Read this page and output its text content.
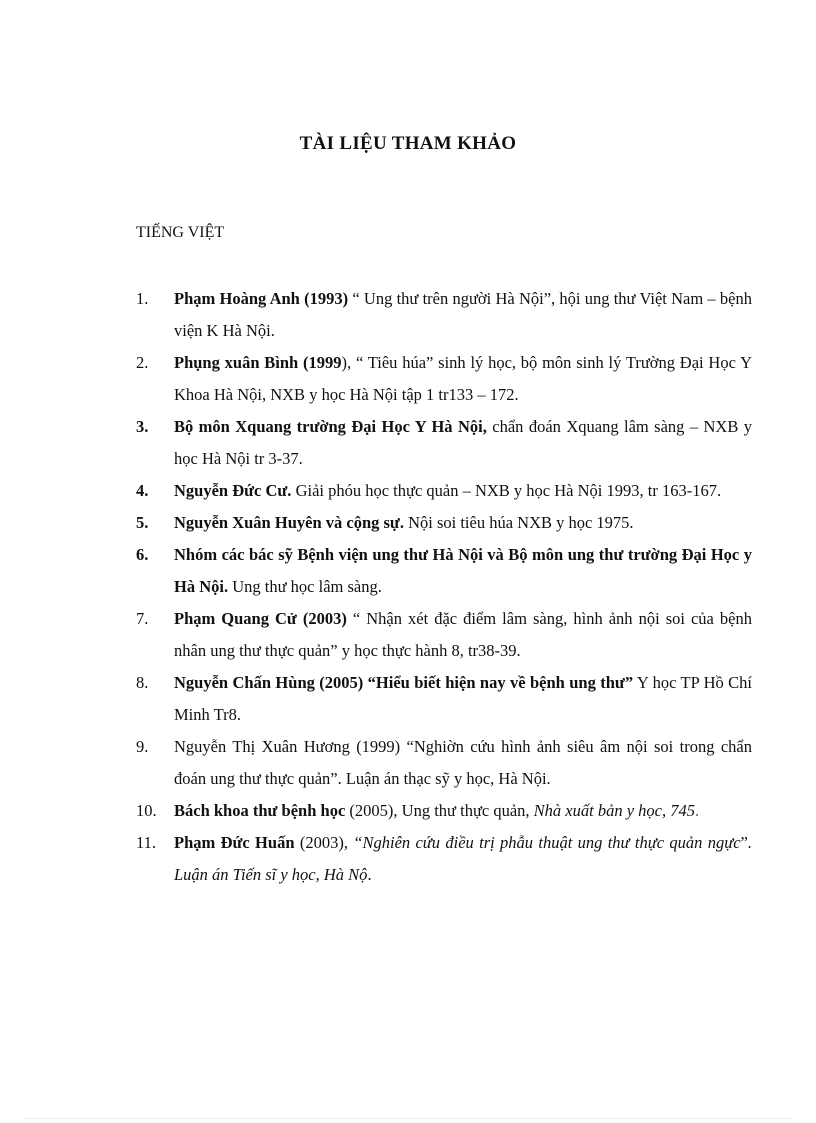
TÀI LIỆU THAM KHẢO
TIẾNG VIỆT
1. Phạm Hoàng Anh (1993) “ Ung thư trên người Hà Nội”, hội ung thư Việt Nam – bệnh viện K Hà Nội.
2. Phụng xuân Bình (1999), “ Tiêu húa” sinh lý học, bộ môn sinh lý Trường Đại Học Y Khoa Hà Nội, NXB y học Hà Nội tập 1 tr133 – 172.
3. Bộ môn Xquang trường Đại Học Y Hà Nội, chẩn đoán Xquang lâm sàng – NXB y học Hà Nội tr 3-37.
4. Nguyễn Đức Cư. Giải phóu học thực quản – NXB y học Hà Nội 1993, tr 163-167.
5. Nguyễn Xuân Huyên và cộng sự. Nội soi tiêu húa NXB y học 1975.
6. Nhóm các bác sỹ Bệnh viện ung thư Hà Nội và Bộ môn ung thư trường Đại Học y Hà Nội. Ung thư học lâm sàng.
7. Phạm Quang Cử (2003) “ Nhận xét đặc điểm lâm sàng, hình ảnh nội soi của bệnh nhân ung thư thực quản” y học thực hành 8, tr38-39.
8. Nguyễn Chấn Hùng (2005) “Hiểu biết hiện nay về bệnh ung thư” Y học TP Hồ Chí Minh Tr8.
9. Nguyễn Thị Xuân Hương (1999) “Nghiờn cứu hình ảnh siêu âm nội soi trong chẩn đoán ung thư thực quản”. Luận án thạc sỹ y học, Hà Nội.
10. Bách khoa thư bệnh học (2005), Ung thư thực quản, Nhà xuất bản y học, 745.
11. Phạm Đức Huấn (2003), “Nghiên cứu điều trị phẫu thuật ung thư thực quản ngực”. Luận án Tiến sĩ y học, Hà Nộ.
